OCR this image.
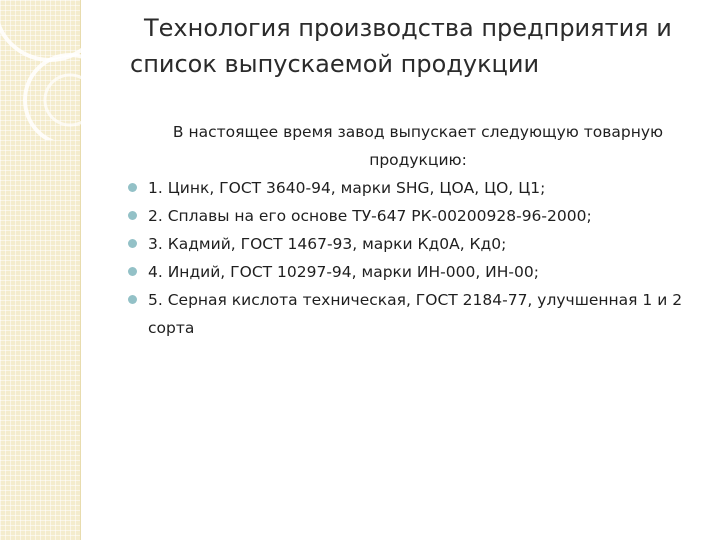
Технология производства предприятия и
список выпускаемой продукции

В настоящее время завод выпускает следующую товарную продукцию:

1. Цинк, ГОСТ 3640-94, марки SHG, ЦОА, ЦО, Ц1;
2. Сплавы на его основе ТУ-647 РК-00200928-96-2000;
3. Кадмий, ГОСТ 1467-93, марки Кд0А, Кд0;
4. Индий, ГОСТ 10297-94, марки ИН-000, ИН-00;
5. Серная кислота техническая, ГОСТ 2184-77, улучшенная 1 и 2 сорта
